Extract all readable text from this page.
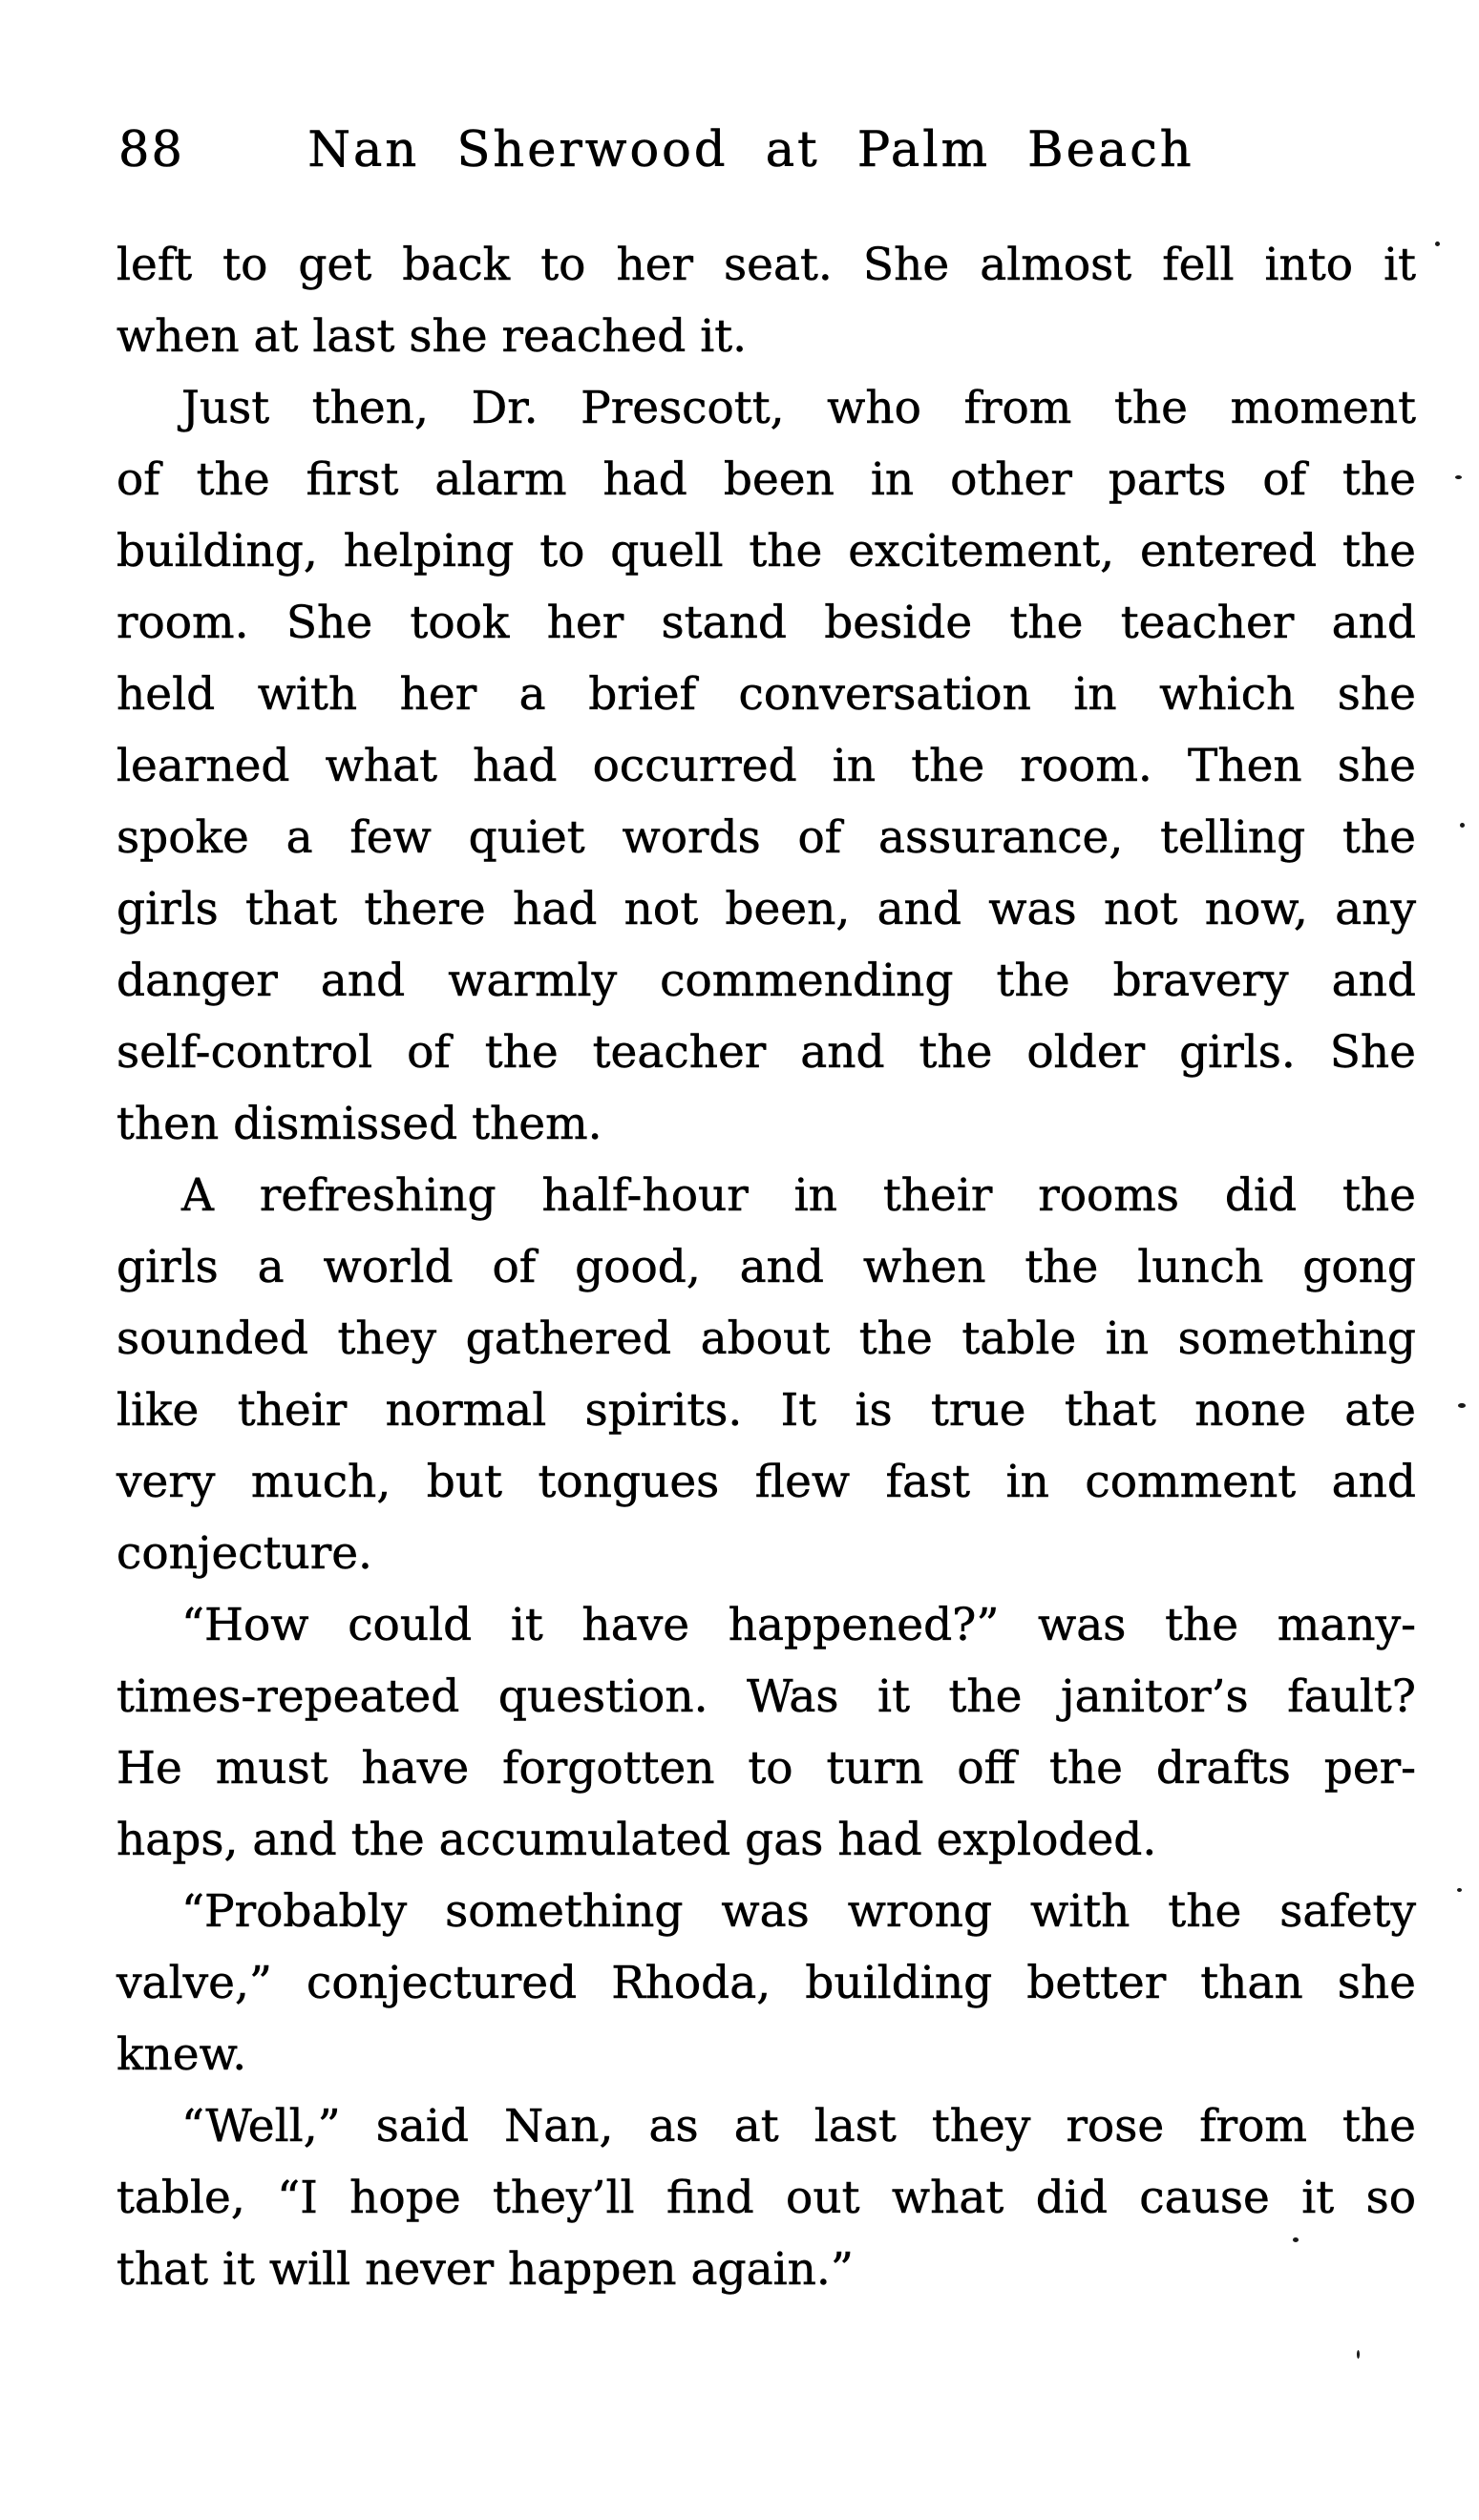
88	Nan Sherwood at Palm Beach
left to get back to her seat. She almost fell into it
when at last she reached it.
Just then, Dr. Prescott, who from the moment
of the first alarm had been in other parts of the
building, helping to quell the excitement, entered the
room. She took her stand beside the teacher and
held with her a brief conversation in which she
learned what had occurred in the room. Then she
spoke a few quiet words of assurance, telling the
girls that there had not been, and was not now, any
danger and warmly commending the bravery and
self-control of the teacher and the older girls. She
then dismissed them.
A refreshing half-hour in their rooms did the
girls a world of good, and when the lunch gong
sounded they gathered about the table in something
like their normal spirits. It is true that none ate
very much, but tongues flew fast in comment and
conjecture.
“How could it have happened?” was the many-
times-repeated question. Was it the janitor’s fault?
He must have forgotten to turn off the drafts per-
haps, and the accumulated gas had exploded.
“Probably something was wrong with the safety
valve,” conjectured Rhoda, building better than she
knew.
“Well,” said Nan, as at last they rose from the
table, “I hope they’ll find out what did cause it so
that it will never happen again.”
